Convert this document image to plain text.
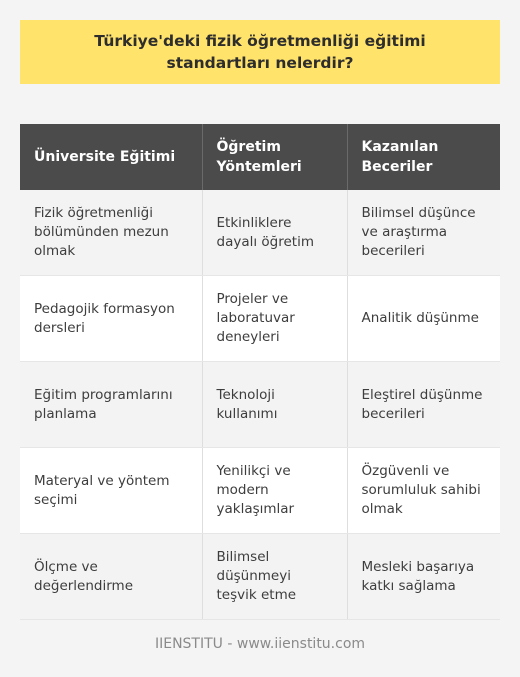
Türkiye'deki fizik öğretmenliği eğitimi standartları nelerdir?
Üniversite Eğitimi	Öğretim Yöntemleri	Kazanılan Beceriler
Fizik öğretmenliği bölümünden mezun olmak	Etkinliklere dayalı öğretim	Bilimsel düşünce ve araştırma becerileri
Pedagojik formasyon dersleri	Projeler ve laboratuvar deneyleri	Analitik düşünme
Eğitim programlarını planlama	Teknoloji kullanımı	Eleştirel düşünme becerileri
Materyal ve yöntem seçimi	Yenilikçi ve modern yaklaşımlar	Özgüvenli ve sorumluluk sahibi olmak
Ölçme ve değerlendirme	Bilimsel düşünmeyi teşvik etme	Mesleki başarıya katkı sağlama
IIENSTITU - www.iienstitu.com
